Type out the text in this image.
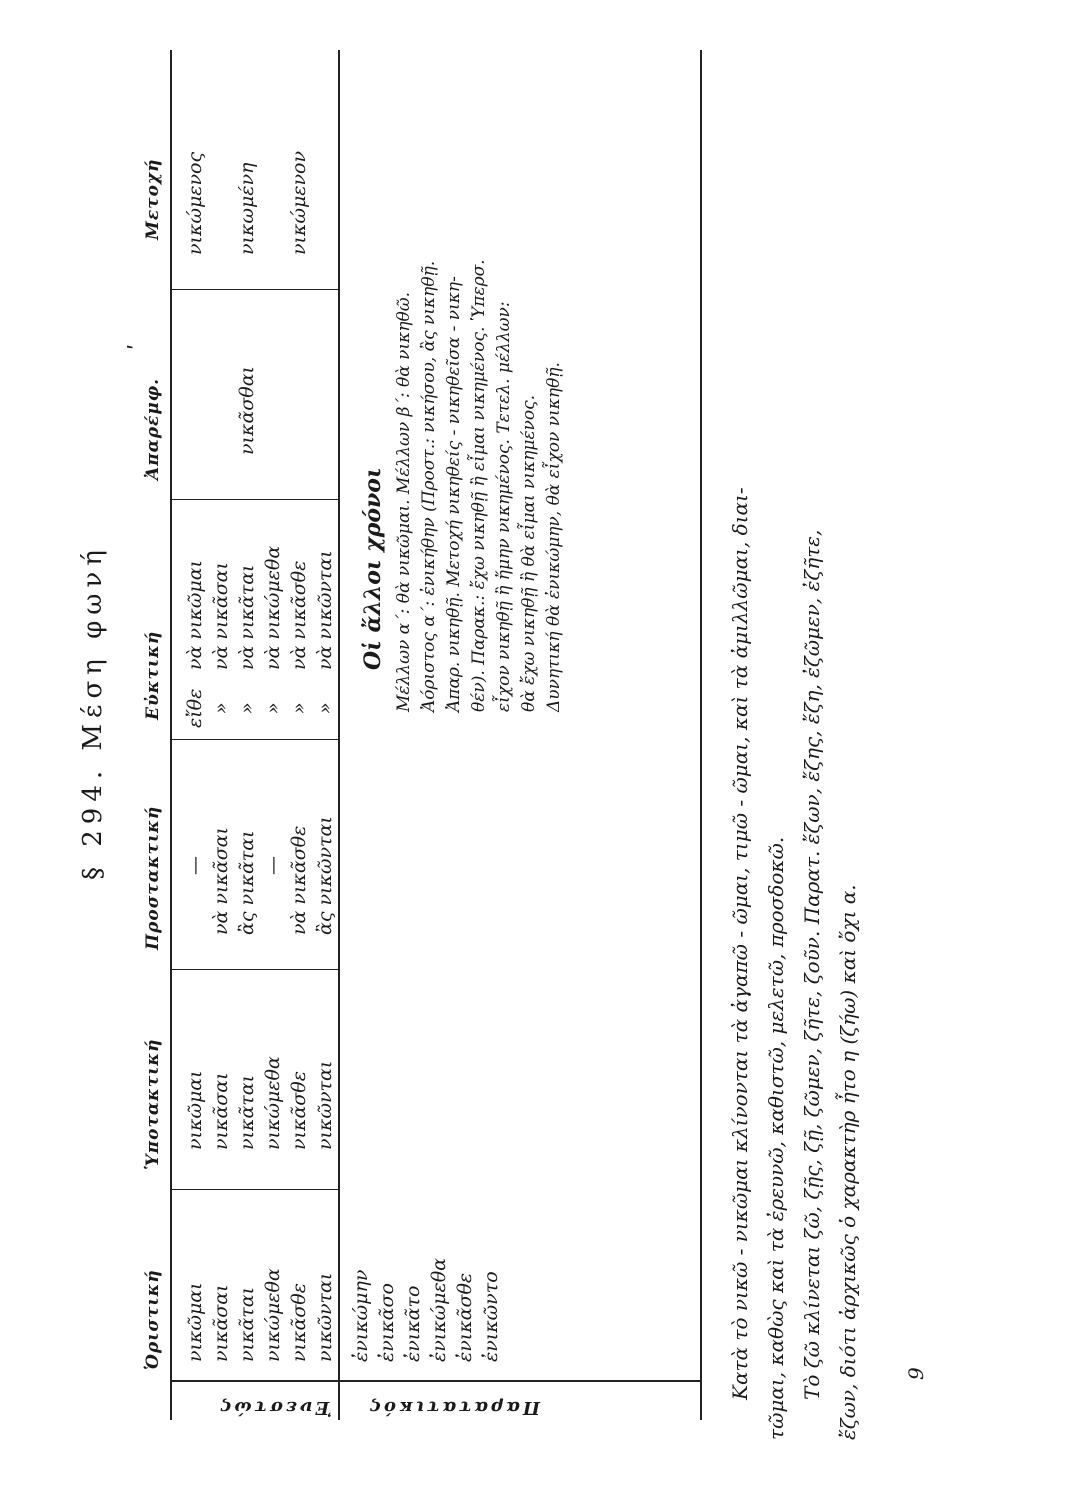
ʹ
§ 294. Μέση φωνή
Ὁριστική
Ὑποτακτική
Προστακτική
Εὐκτική
Ἀπαρέμφ.
Μετοχή
Ἐνεστώς	Παρατατικός
νικῶμαι νικᾶσαι νικᾶται νικώμεθα νικᾶσθε νικῶνται
νικῶμαι νικᾶσαι νικᾶται νικώμεθα νικᾶσθε νικῶνται
— νὰ νικᾶσαι ἂς νικᾶται — νὰ νικᾶσθε ἂς νικῶνται
εἴθε » » » » »
νὰ νικῶμαι νὰ νικᾶσαι νὰ νικᾶται νὰ νικώμεθα νὰ νικᾶσθε νὰ νικῶνται
νικᾶσθαι
νικώμενος νικωμένη νικώμενον
ἐνικώμην ἐνικᾶσο ἐνικᾶτο ἐνικώμεθα ἐνικᾶσθε ἐνικῶντο
Οἱ ἄλλοι χρόνοι Μέλλων α΄: θὰ νικῶμαι. Μέλλων β΄: θὰ νικηθῶ. Ἀόριστος α΄: ἐνικήθην (Προστ.: νικήσου, ἂς νικηθῇ. Ἀπαρ. νικηθῇ. Μετοχή νικηθείς - νικηθεῖσα - νικη- θέν). Παρακ.: ἔχω νικηθῇ ἢ εἶμαι νικημένος. Ὑπερσ. εἶχον νικηθῇ ἢ ἤμην νικημένος. Τετελ. μέλλων: θὰ ἔχω νικηθῇ ἢ θὰ εἶμαι νικημένος. Δυνητική θὰ ἐνικώμην, θὰ εἶχον νικηθῇ.	Κατὰ τὸ νικῶ - νικῶμαι κλίνονται τὰ ἀγαπῶ - ῶμαι, τιμῶ - ῶμαι, καὶ τὰ ἀμιλλῶμαι, διαι- τῶμαι, καθὼς καὶ τὰ ἐρευνῶ, καθιστῶ, μελετῶ, προσδοκῶ. Τὸ ζῶ κλίνεται ζῶ, ζῇς, ζῇ, ζῶμεν, ζῆτε, ζοῦν. Παρατ. ἔζων, ἔζης, ἔζη, ἐζῶμεν, ἐζῆτε, ἔζων, διότι ἀρχικῶς ὁ χαρακτὴρ ἦτο η (ζήω) καὶ ὄχι α. 9
